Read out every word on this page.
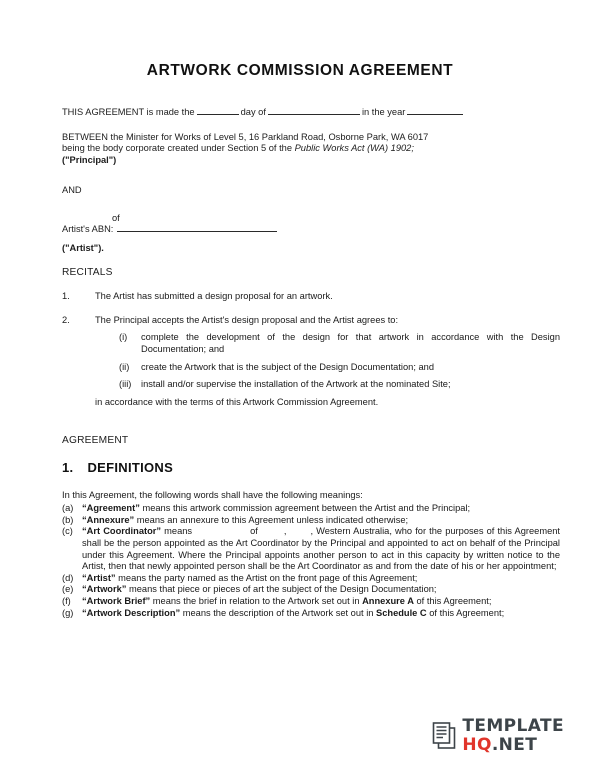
ARTWORK COMMISSION AGREEMENT

THIS AGREEMENT is made the	day of	in the year

BETWEEN the Minister for Works of Level 5, 16 Parkland Road, Osborne Park, WA 6017

being the body corporate created under Section 5 of the Public Works Act (WA) 1902;

("Principal")

AND

of

Artist's ABN:

("Artist").

RECITALS

1.	The Artist has submitted a design proposal for an artwork.
2.	The Principal accepts the Artist's design proposal and the Artist agrees to:
(i)	complete the development of the design for that artwork in accordance with the Design Documentation; and
(ii)	create the Artwork that is the subject of the Design Documentation; and
(iii)	install and/or supervise the installation of the Artwork at the nominated Site;

in accordance with the terms of this Artwork Commission Agreement.

AGREEMENT

1. DEFINITIONS

In this Agreement, the following words shall have the following meanings:

(a) “Agreement” means this artwork commission agreement between the Artist and the Principal;
(b) “Annexure” means an annexure to this Agreement unless indicated otherwise;
(c) “Art Coordinator” means	of	,	, Western Australia, who for the purposes of this Agreement shall be the person appointed as the Art Coordinator by the Principal and appointed to act on behalf of the Principal under this Agreement. Where the Principal appoints another person to act in this capacity by written notice to the Artist, then that newly appointed person shall be the Art Coordinator as and from the date of his or her appointment;
(d) “Artist” means the party named as the Artist on the front page of this Agreement;
(e) “Artwork” means that piece or pieces of art the subject of the Design Documentation;
(f)	“Artwork Brief” means the brief in relation to the Artwork set out in Annexure A of this Agreement;
(g) “Artwork Description” means the description of the Artwork set out in Schedule C of this Agreement;
TEMPLATE
HQ.NET
